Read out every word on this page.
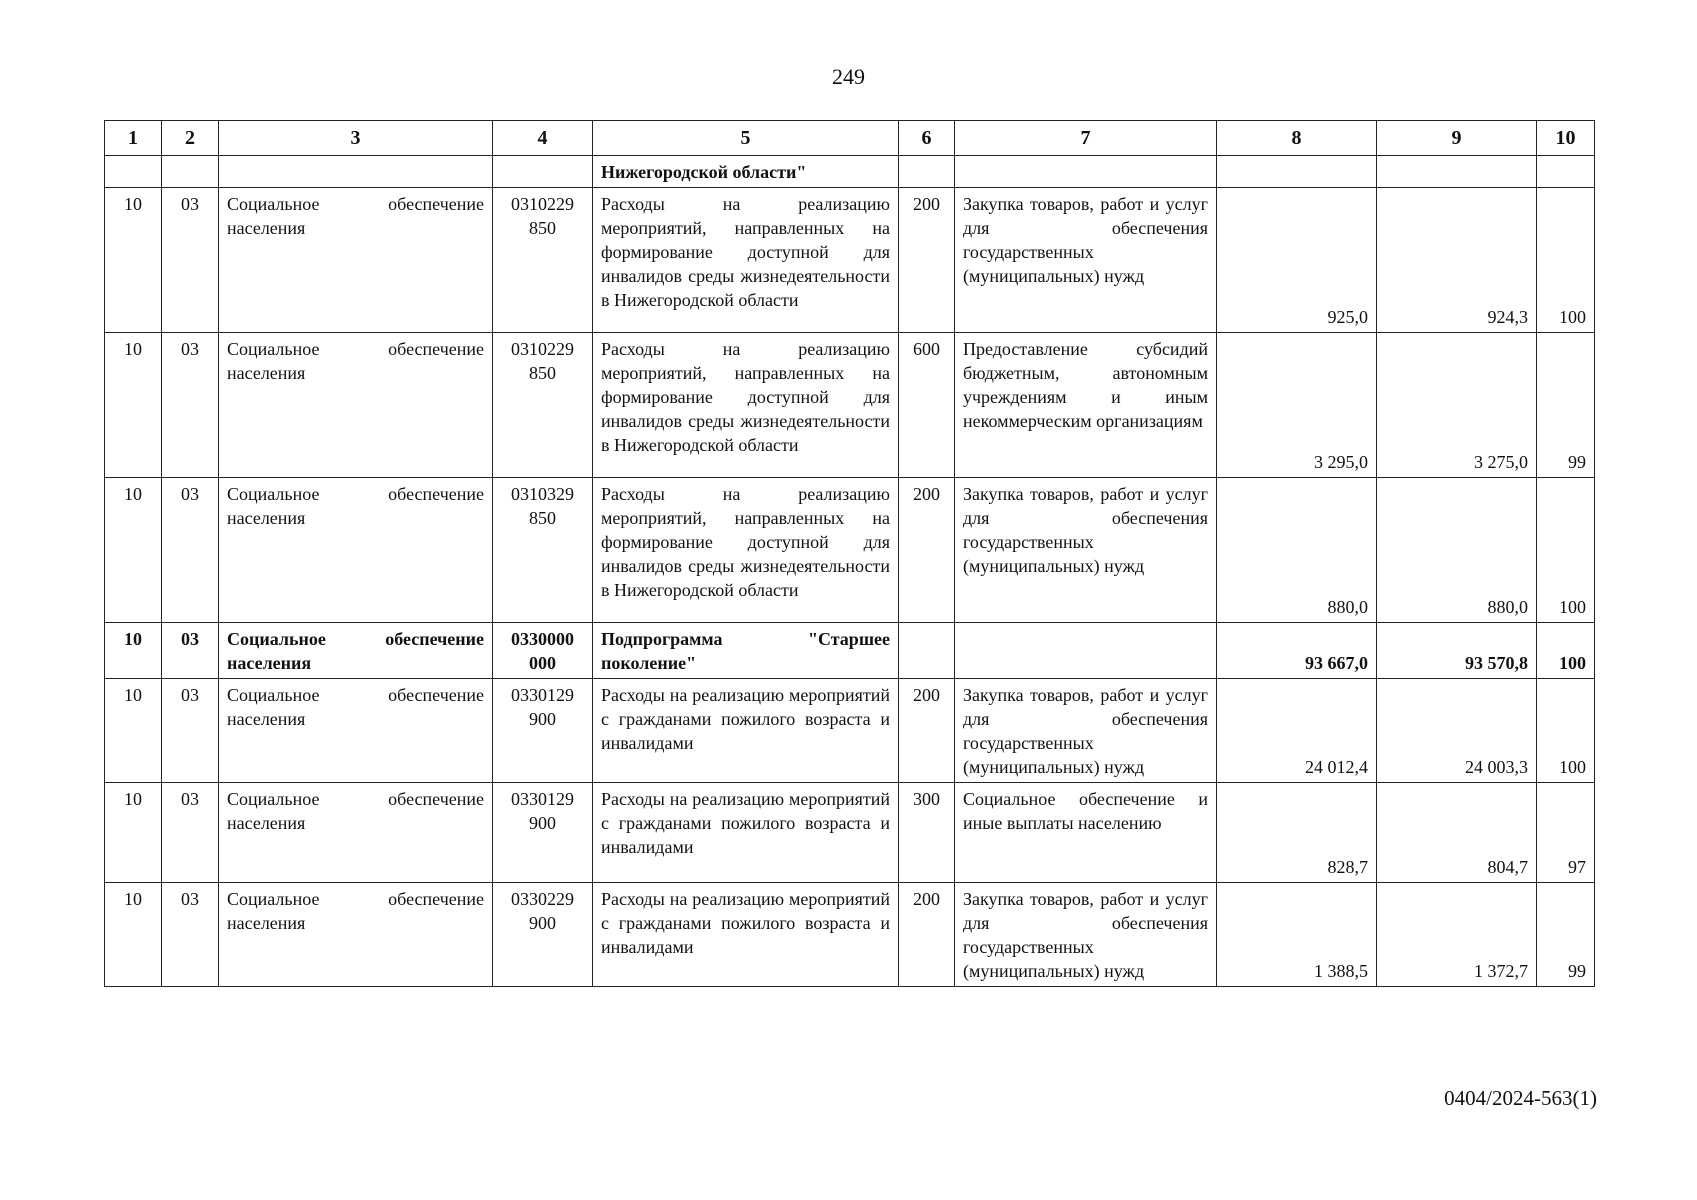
249
1	2	3	4	5	6	7	8	9	10
				Нижегородской области"					
10	03	Социальное обеспечение населения	0310229 850	Расходы на реализацию мероприятий, направленных на формирование доступной для инвалидов среды жизнедеятельности в Нижегородской области	200	Закупка товаров, работ и услуг для обеспечения государственных (муниципальных) нужд	925,0	924,3	100
10	03	Социальное обеспечение населения	0310229 850	Расходы на реализацию мероприятий, направленных на формирование доступной для инвалидов среды жизнедеятельности в Нижегородской области	600	Предоставление субсидий бюджетным, автономным учреждениям и иным некоммерческим организациям	3 295,0	3 275,0	99
10	03	Социальное обеспечение населения	0310329 850	Расходы на реализацию мероприятий, направленных на формирование доступной для инвалидов среды жизнедеятельности в Нижегородской области	200	Закупка товаров, работ и услуг для обеспечения государственных (муниципальных) нужд	880,0	880,0	100
10	03	Социальное обеспечение населения	0330000 000	Подпрограмма "Старшее поколение"			93 667,0	93 570,8	100
10	03	Социальное обеспечение населения	0330129 900	Расходы на реализацию мероприятий с гражданами пожилого возраста и инвалидами	200	Закупка товаров, работ и услуг для обеспечения государственных (муниципальных) нужд	24 012,4	24 003,3	100
10	03	Социальное обеспечение населения	0330129 900	Расходы на реализацию мероприятий с гражданами пожилого возраста и инвалидами	300	Социальное обеспечение и иные выплаты населению	828,7	804,7	97
10	03	Социальное обеспечение населения	0330229 900	Расходы на реализацию мероприятий с гражданами пожилого возраста и инвалидами	200	Закупка товаров, работ и услуг для обеспечения государственных (муниципальных) нужд	1 388,5	1 372,7	99
0404/2024-563(1)
